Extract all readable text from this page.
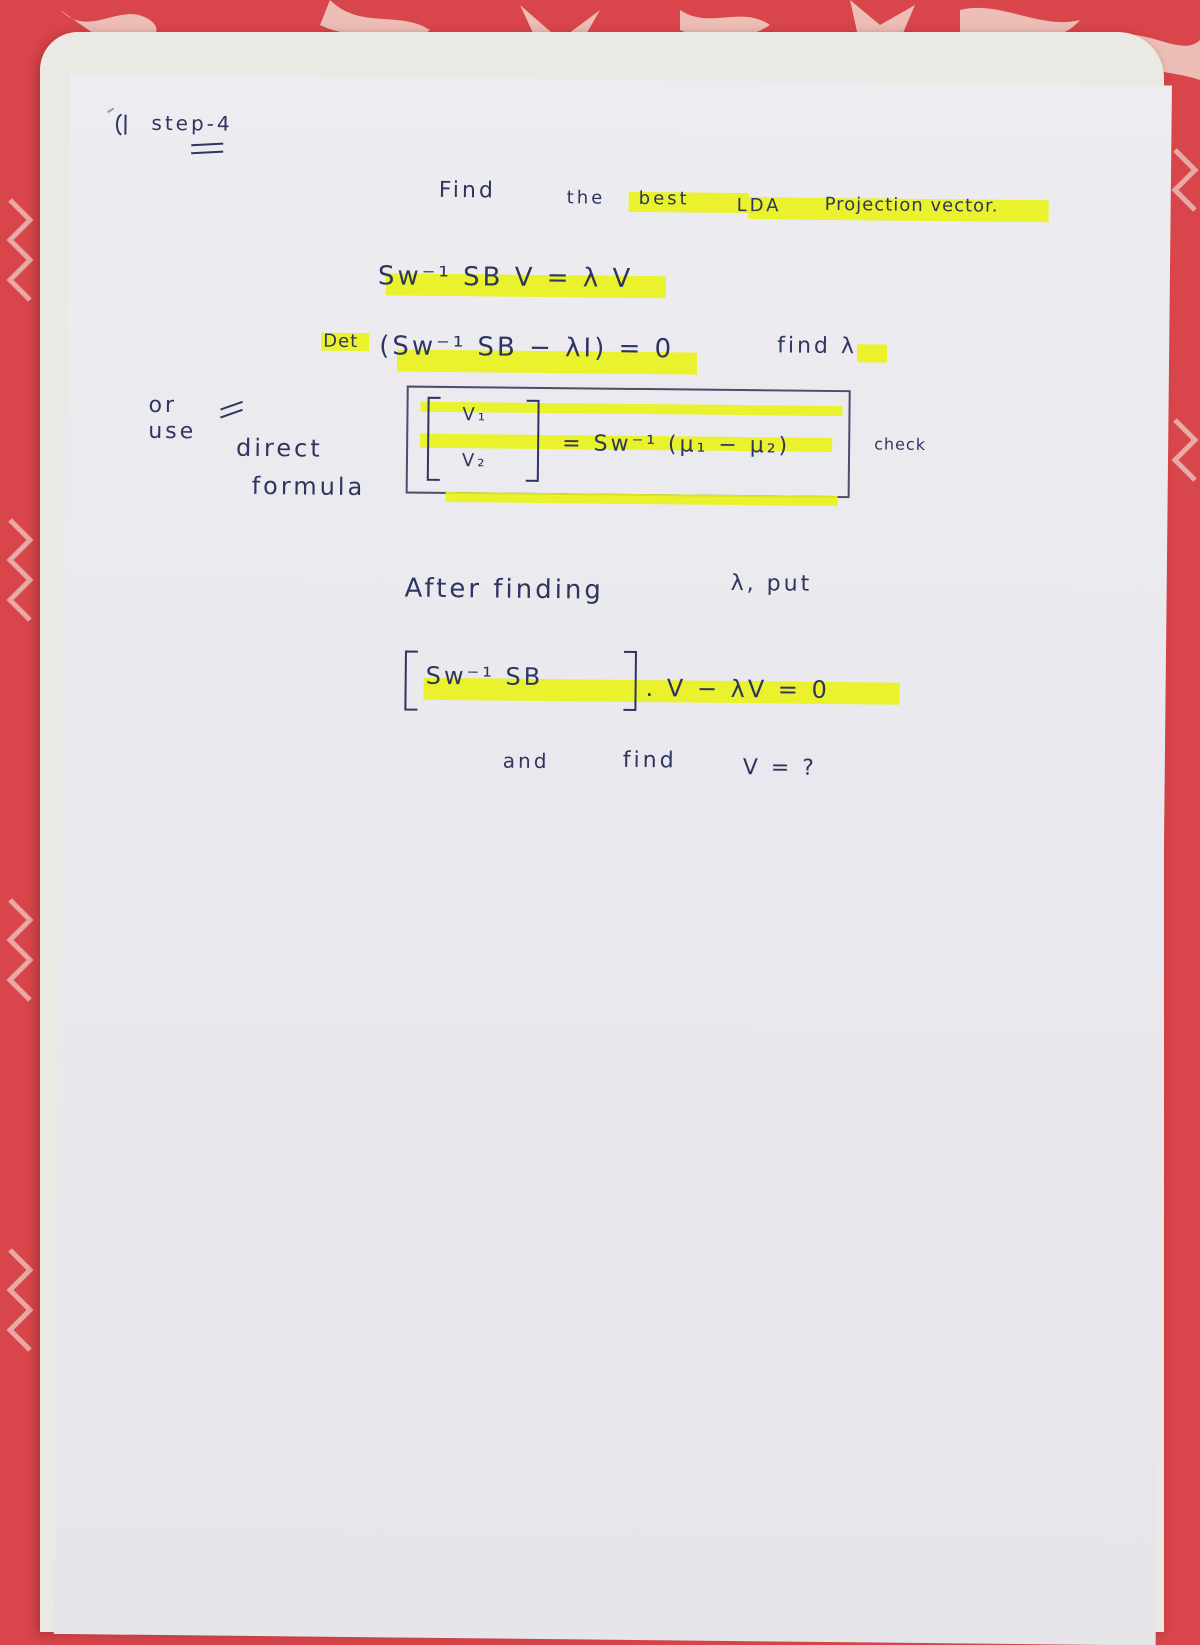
step-4
Find	the best	LDA Projection vector.
Sw⁻¹ SB V = λ V
Det (Sw⁻¹ SB − λI) = 0	find λ
or use
direct
formula
V₁
V₂
= Sw⁻¹ (μ₁ − μ₂)	check
After finding	λ, put
Sw⁻¹ SB	. V − λV = 0
and	find	V = ?
